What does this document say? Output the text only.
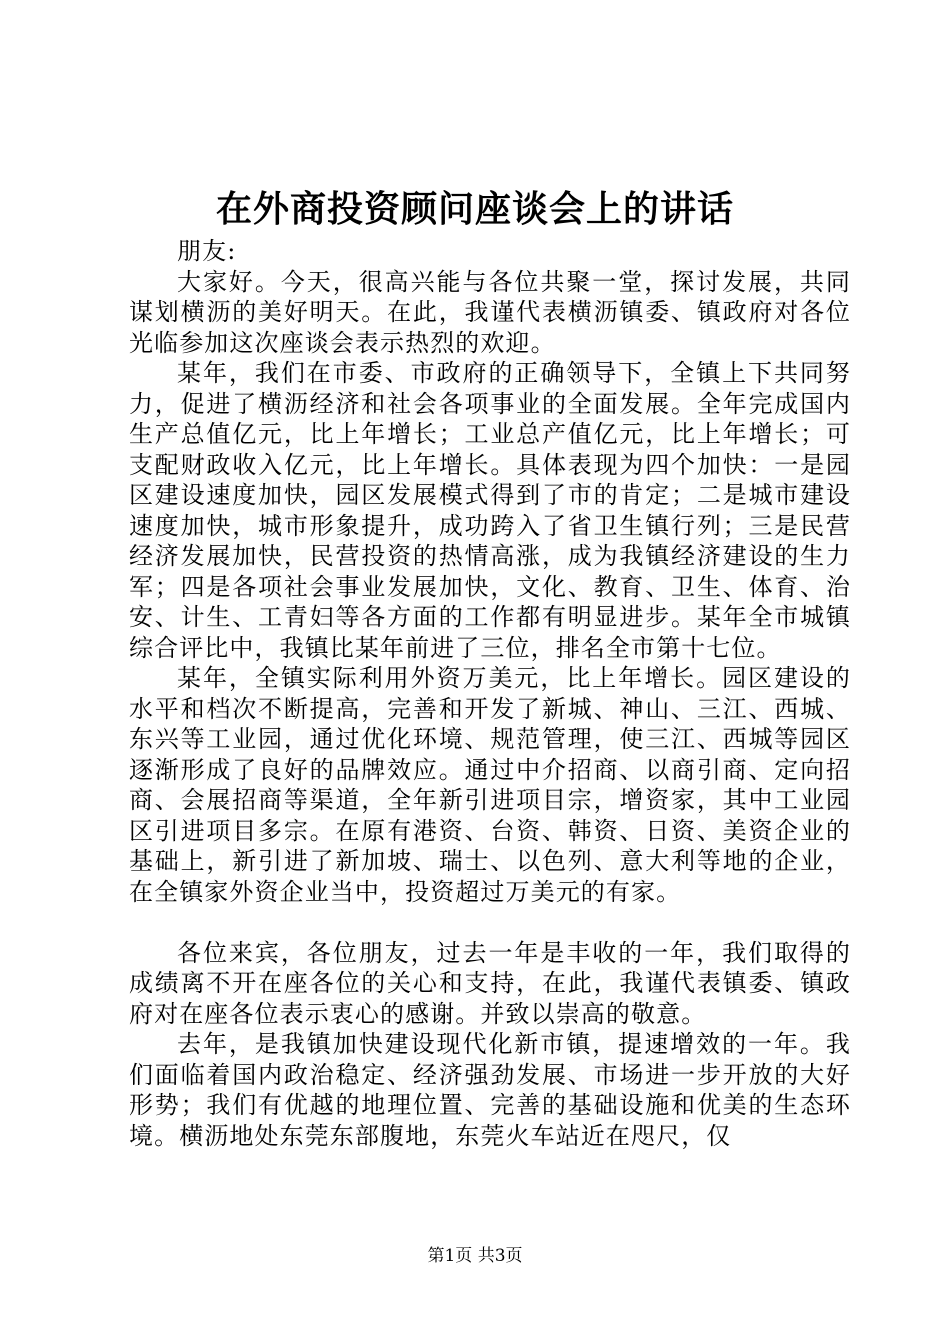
在外商投资顾问座谈会上的讲话

朋友:

大家好。今天，很高兴能与各位共聚一堂，探讨发展，共同谋划横沥的美好明天。在此，我谨代表横沥镇委、镇政府对各位光临参加这次座谈会表示热烈的欢迎。

某年，我们在市委、市政府的正确领导下，全镇上下共同努力，促进了横沥经济和社会各项事业的全面发展。全年完成国内生产总值亿元，比上年增长；工业总产值亿元，比上年增长；可支配财政收入亿元，比上年增长。具体表现为四个加快：一是园区建设速度加快，园区发展模式得到了市的肯定；二是城市建设速度加快，城市形象提升，成功跨入了省卫生镇行列；三是民营经济发展加快，民营投资的热情高涨，成为我镇经济建设的生力军；四是各项社会事业发展加快，文化、教育、卫生、体育、治安、计生、工青妇等各方面的工作都有明显进步。某年全市城镇综合评比中，我镇比某年前进了三位，排名全市第十七位。

某年，全镇实际利用外资万美元，比上年增长。园区建设的水平和档次不断提高，完善和开发了新城、神山、三江、西城、东兴等工业园，通过优化环境、规范管理，使三江、西城等园区逐渐形成了良好的品牌效应。通过中介招商、以商引商、定向招商、会展招商等渠道，全年新引进项目宗，增资家，其中工业园区引进项目多宗。在原有港资、台资、韩资、日资、美资企业的基础上，新引进了新加坡、瑞士、以色列、意大利等地的企业，在全镇家外资企业当中，投资超过万美元的有家。

各位来宾，各位朋友，过去一年是丰收的一年，我们取得的成绩离不开在座各位的关心和支持，在此，我谨代表镇委、镇政府对在座各位表示衷心的感谢。并致以崇高的敬意。

去年，是我镇加快建设现代化新市镇，提速增效的一年。我们面临着国内政治稳定、经济强劲发展、市场进一步开放的大好形势；我们有优越的地理位置、完善的基础设施和优美的生态环境。横沥地处东莞东部腹地，东莞火车站近在咫尺，仅

第1页 共3页
